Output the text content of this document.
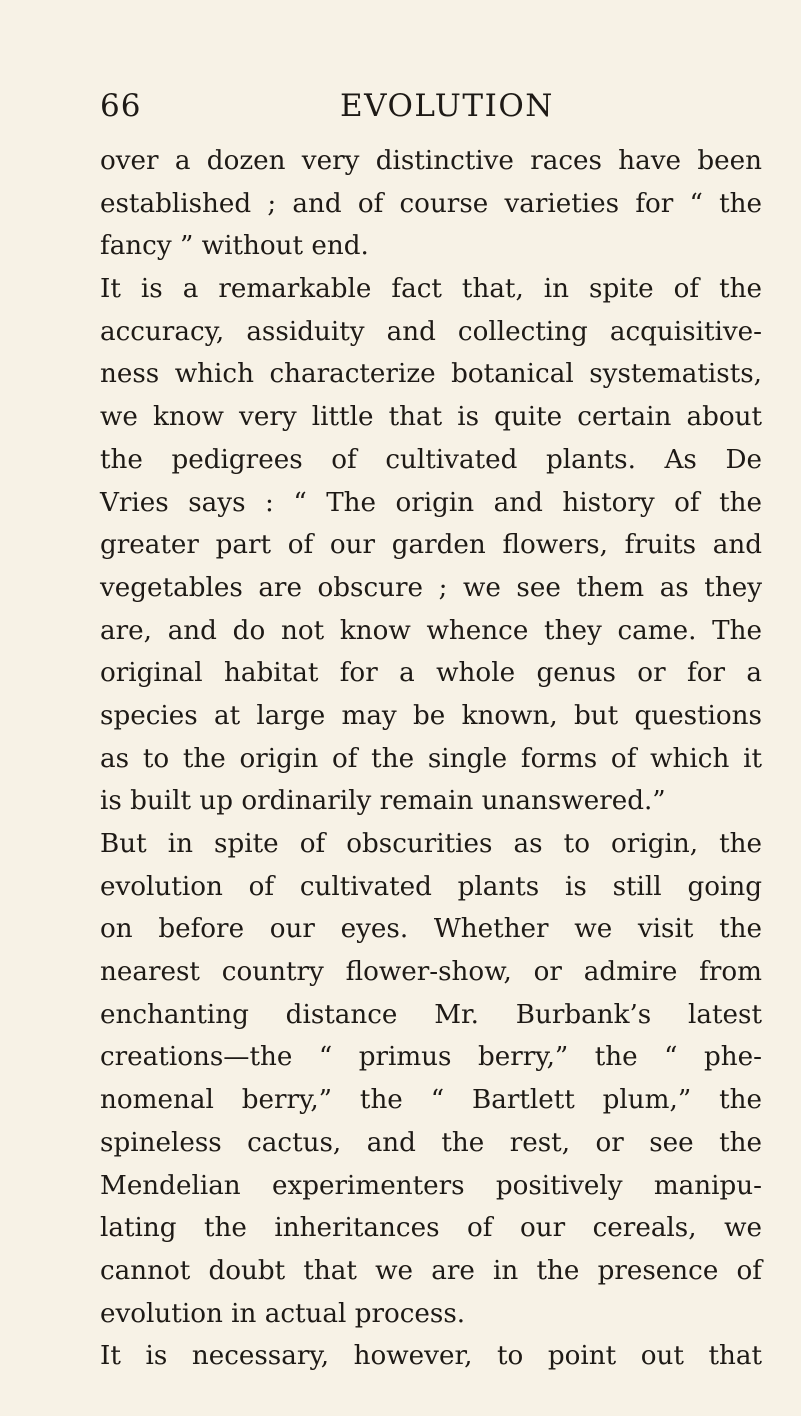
66	EVOLUTION
over a dozen very distinctive races have been
established ; and of course varieties for “ the
fancy ” without end.
It is a remarkable fact that, in spite of the
accuracy, assiduity and collecting acquisitive-
ness which characterize botanical systematists,
we know very little that is quite certain about
the pedigrees of cultivated plants. As De
Vries says : “ The origin and history of the
greater part of our garden flowers, fruits and
vegetables are obscure ; we see them as they
are, and do not know whence they came. The
original habitat for a whole genus or for a
species at large may be known, but questions
as to the origin of the single forms of which it
is built up ordinarily remain unanswered.”
But in spite of obscurities as to origin, the
evolution of cultivated plants is still going
on before our eyes. Whether we visit the
nearest country flower-show, or admire from
enchanting distance Mr. Burbank’s latest
creations—the “ primus berry,” the “ phe-
nomenal berry,” the “ Bartlett plum,” the
spineless cactus, and the rest, or see the
Mendelian experimenters positively manipu-
lating the inheritances of our cereals, we
cannot doubt that we are in the presence of
evolution in actual process.
It is necessary, however, to point out that
